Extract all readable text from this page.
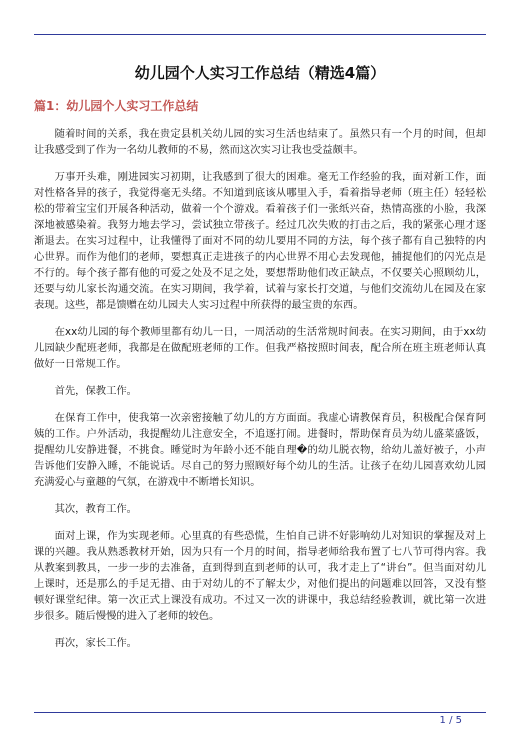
幼儿园个人实习工作总结（精选4篇）
篇1：幼儿园个人实习工作总结

随着时间的关系，我在贵定县机关幼儿园的实习生活也结束了。虽然只有一个月的时间，但却让我感受到了作为一名幼儿教师的不易，然而这次实习让我也受益颇丰。

万事开头难，刚进园实习初期，让我感到了很大的困难。毫无工作经验的我，面对新工作，面对性格各异的孩子，我觉得毫无头绪。不知道到底该从哪里入手，看着指导老师（班主任）轻轻松松的带着宝宝们开展各种活动，做着一个个游戏。看着孩子们一张纸兴奋，热情高涨的小脸，我深深地被感染着。我努力地去学习，尝试独立带孩子。经过几次失败的打击之后，我的紧张心理才逐渐退去。在实习过程中，让我懂得了面对不同的幼儿要用不同的方法，每个孩子都有自己独特的内心世界。而作为他们的老师，要想真正走进孩子的内心世界不用心去发现他，捕捉他们的闪光点是不行的。每个孩子都有他的可爱之处及不足之处，要想帮助他们改正缺点，不仅要关心照顾幼儿，还要与幼儿家长沟通交流。在实习期间，我学着，试着与家长打交道，与他们交流幼儿在园及在家表现。这些，都是馈赠在幼儿园夫人实习过程中所获得的最宝贵的东西。

在xx幼儿园的每个教师里都有幼儿一日，一周活动的生活常规时间表。在实习期间，由于xx幼儿园缺少配班老师，我都是在做配班老师的工作。但我严格按照时间表，配合所在班主班老师认真做好一日常规工作。

首先，保教工作。

在保育工作中，使我第一次亲密接触了幼儿的方方面面。我虚心请教保育员，积极配合保育阿姨的工作。户外活动，我提醒幼儿注意安全，不追逐打闹。进餐时，帮助保育员为幼儿盛菜盛饭，提醒幼儿安静进餐，不挑食。睡觉时为年龄小还不能自理�的幼儿脱衣物，给幼儿盖好被子，小声告诉他们安静入睡，不能说话。尽自己的努力照顾好每个幼儿的生活。让孩子在幼儿园喜欢幼儿园充满爱心与童趣的气氛，在游戏中不断增长知识。

其次，教育工作。

面对上课，作为实现老师。心里真的有些恐慌，生怕自己讲不好影响幼儿对知识的掌握及对上课的兴趣。我从熟悉教材开始，因为只有一个月的时间，指导老师给我布置了七八节可得内容。我从教案到教具，一步一步的去准备，直到得到直到老师的认可，我才走上了“讲台”。但当面对幼儿上课时，还是那么的手足无措、由于对幼儿的不了解太少，对他们提出的问题难以回答，又没有整顿好课堂纪律。第一次正式上课没有成功。不过又一次的讲课中，我总结经验教训，就比第一次进步很多。随后慢慢的进入了老师的较色。

再次，家长工作。

1 / 5
